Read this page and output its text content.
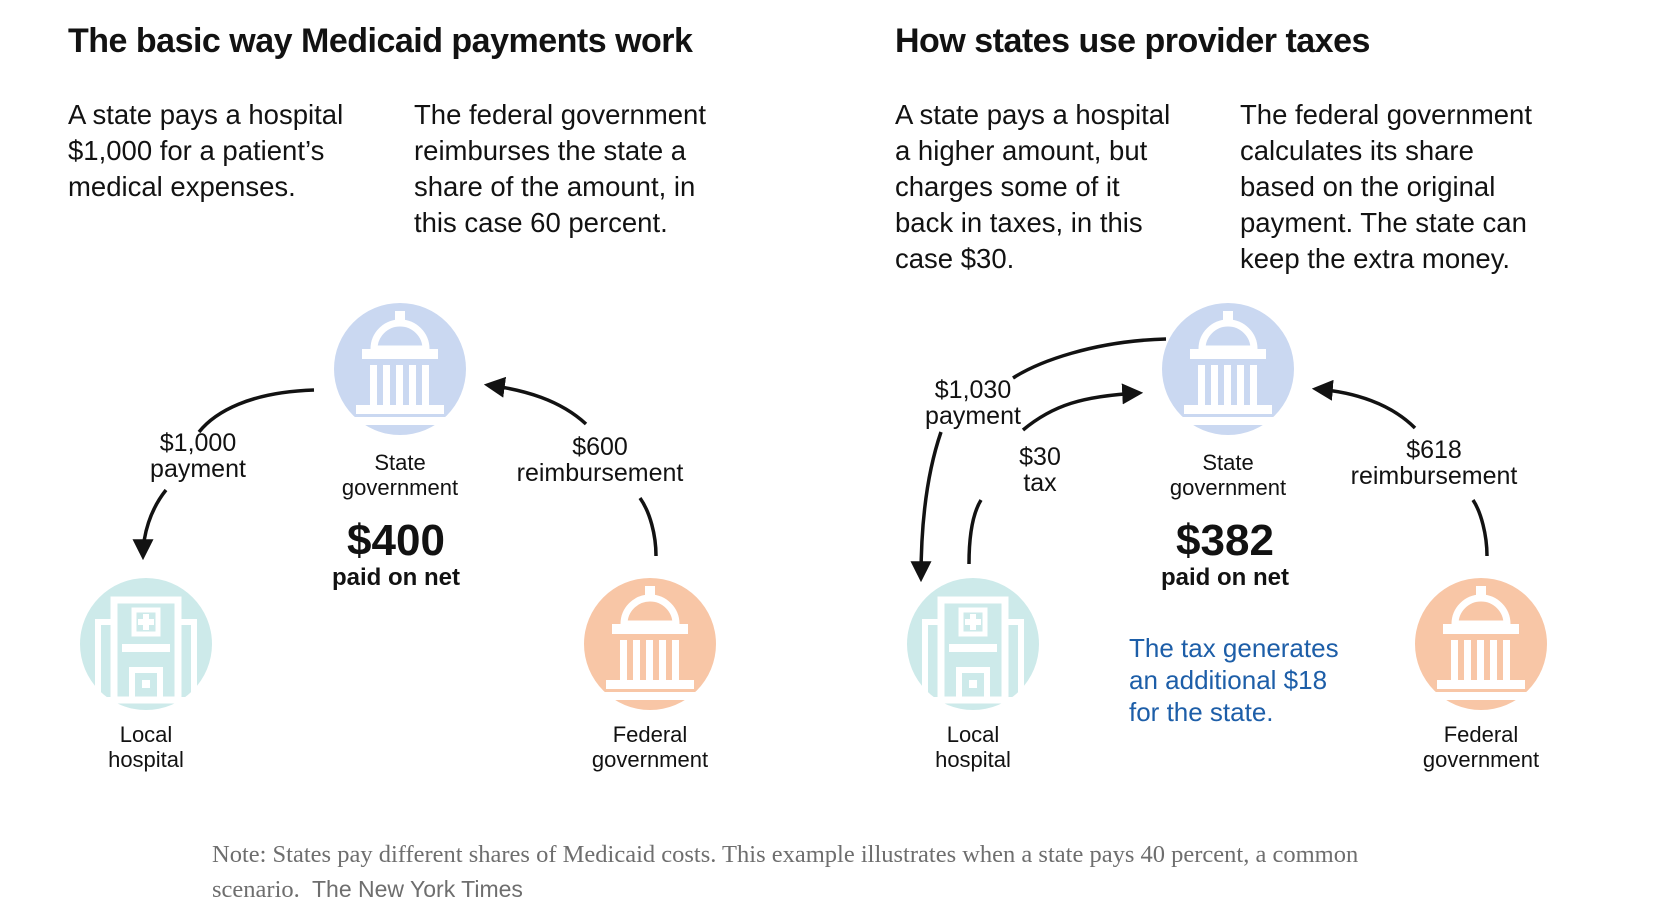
The basic way Medicaid payments work

A state pays a hospital
$1,000 for a patient’s
medical expenses.

The federal government
reimburses the state a
share of the amount, in
this case 60 percent.

State
government
Local
hospital
Federal
government
$1,000
payment
$600
reimbursement
$400
paid on net
How states use provider taxes

A state pays a hospital
a higher amount, but
charges some of it
back in taxes, in this
case $30.

The federal government
calculates its share
based on the original
payment. The state can
keep the extra money.

State
government
Local
hospital
Federal
government
$1,030
payment
$30
tax
$618
reimbursement
$382
paid on net

The tax generates
an additional $18
for the state.

Note: States pay different shares of Medicaid costs. This example illustrates when a state pays 40 percent, a common scenario. The New York Times
